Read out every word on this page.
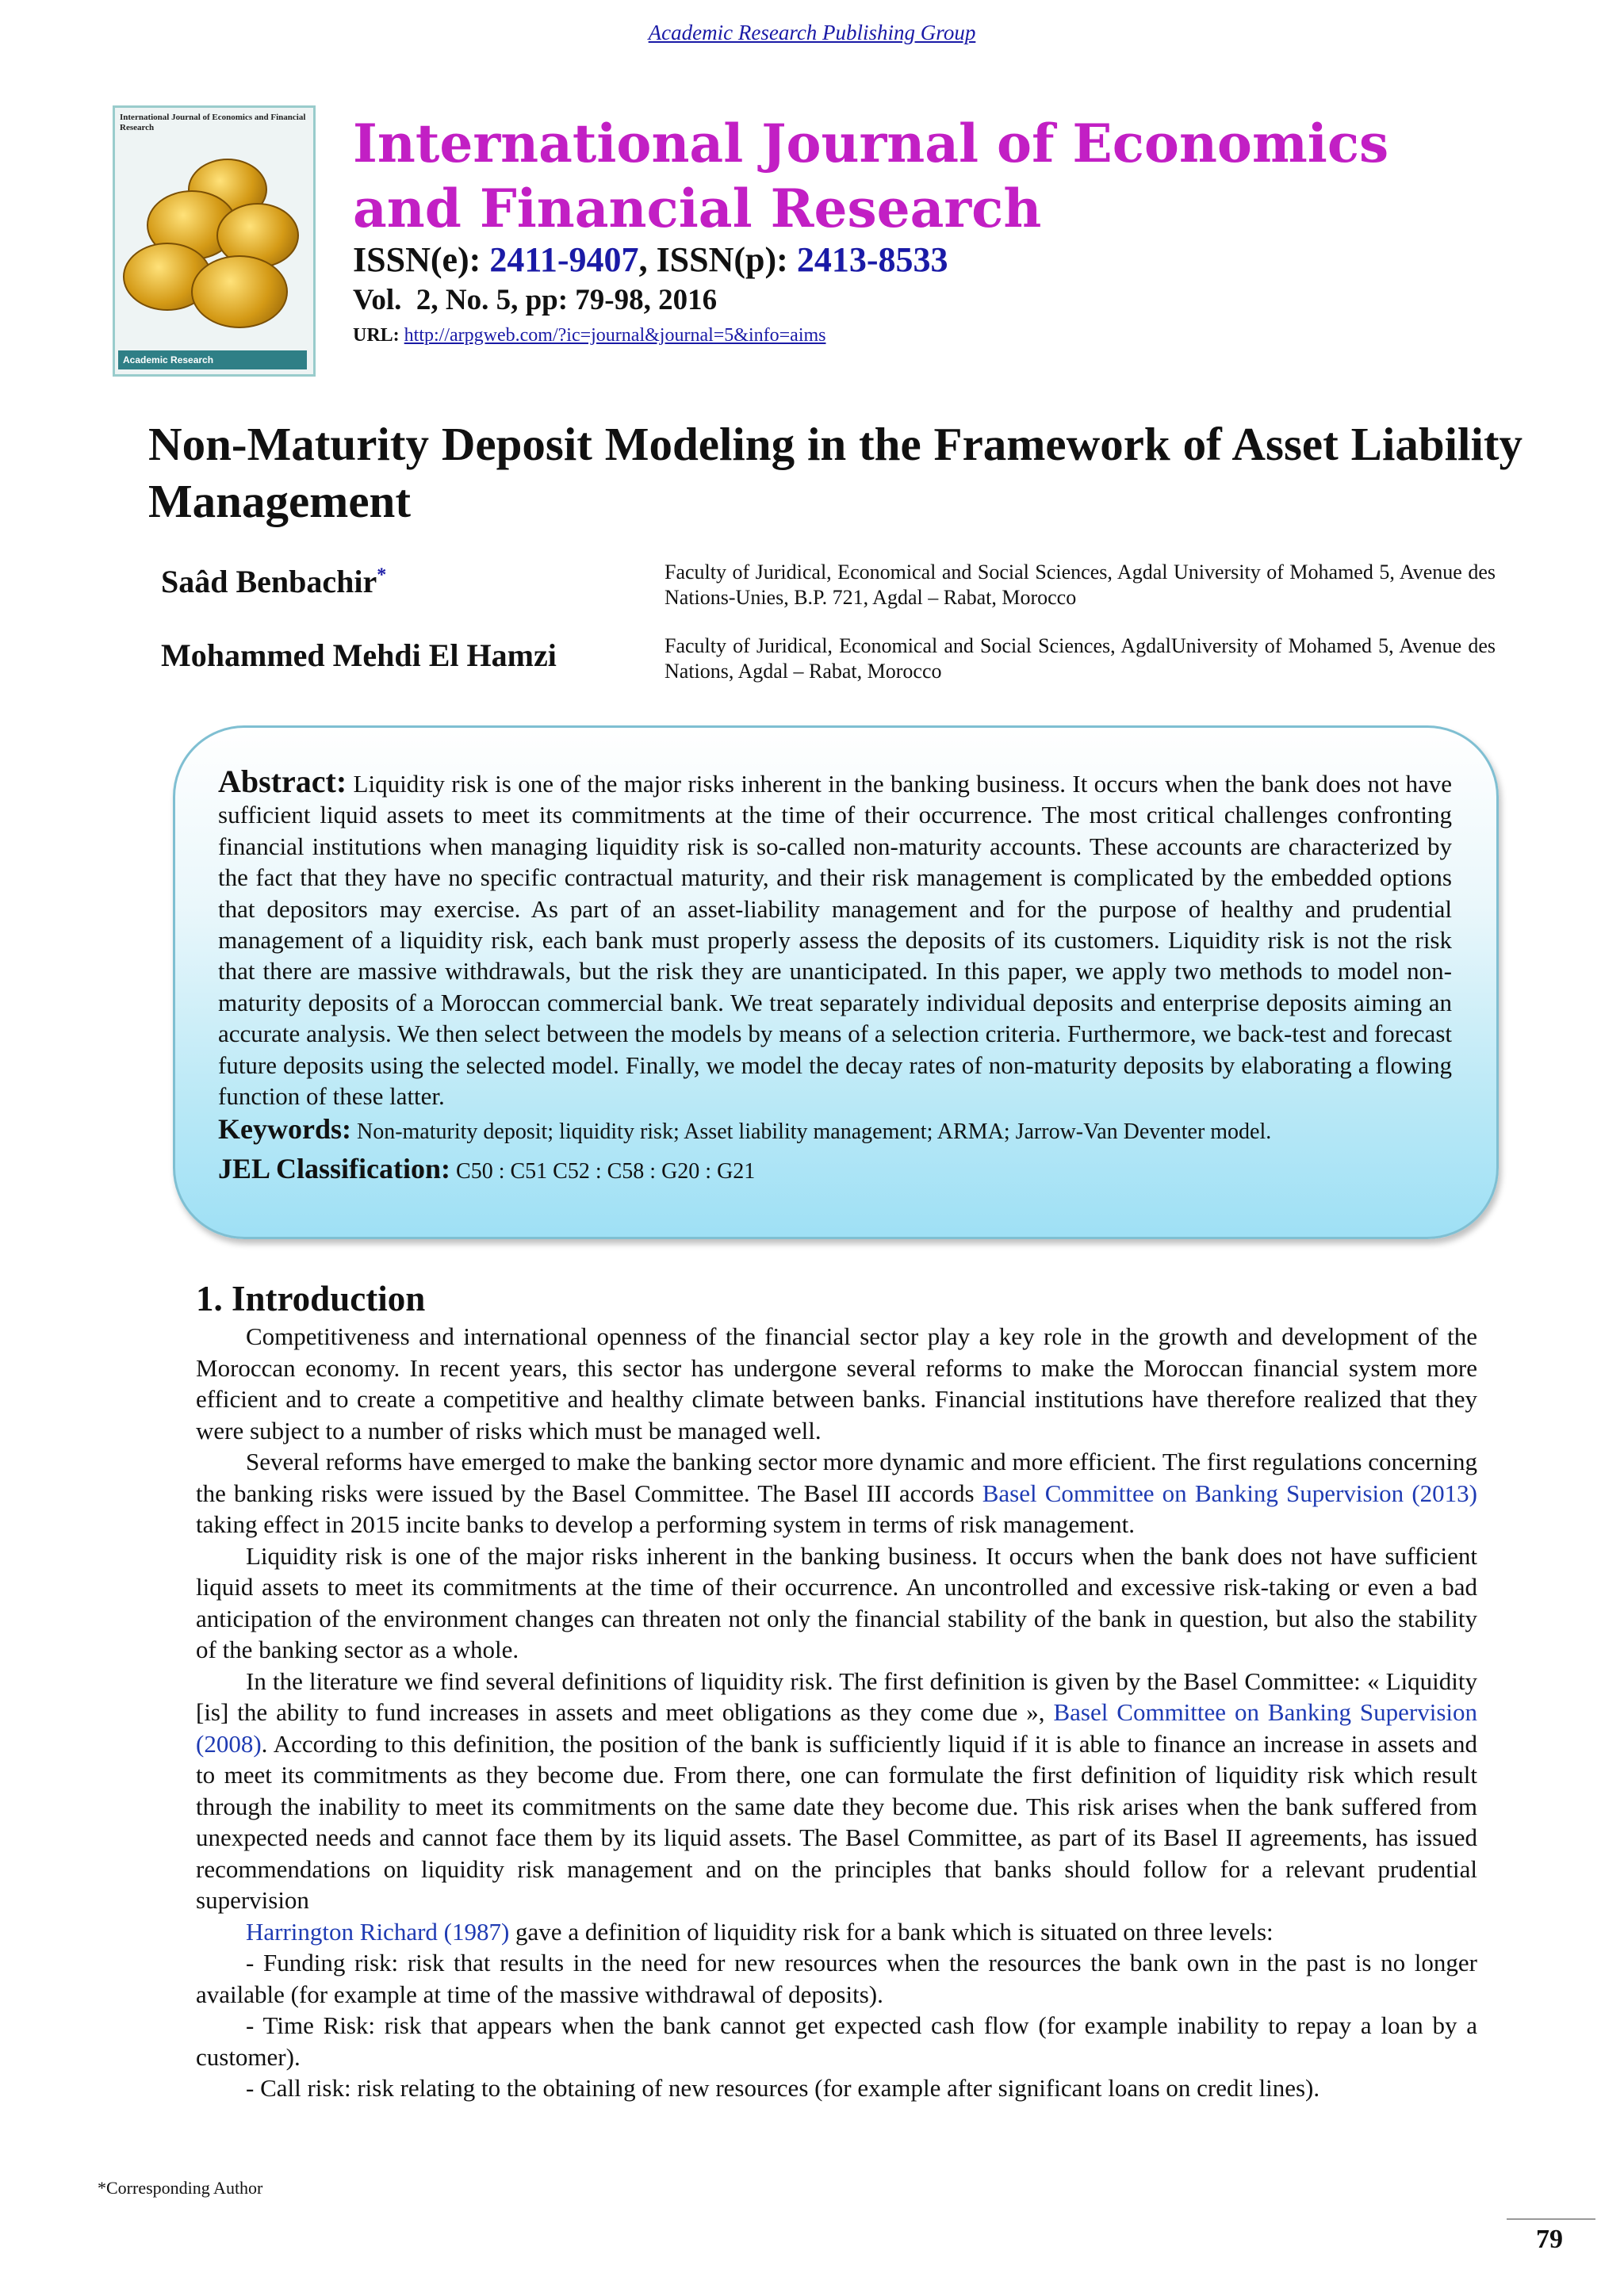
Academic Research Publishing Group
International Journal of Economics and Financial Research
Academic Research
International Journal of Economics
and Financial Research
ISSN(e): 2411-9407, ISSN(p): 2413-8533
Vol.  2, No. 5, pp: 79-98, 2016
URL: http://arpgweb.com/?ic=journal&journal=5&info=aims
Non-Maturity Deposit Modeling in the Framework of Asset Liability Management
Saâd Benbachir*	Faculty of Juridical, Economical and Social Sciences, Agdal University of Mohamed 5, Avenue des Nations-Unies, B.P. 721, Agdal – Rabat, Morocco
Mohammed Mehdi El Hamzi	Faculty of Juridical, Economical and Social Sciences, AgdalUniversity of Mohamed 5, Avenue des Nations, Agdal – Rabat, Morocco
Abstract: Liquidity risk is one of the major risks inherent in the banking business. It occurs when the bank does not have sufficient liquid assets to meet its commitments at the time of their occurrence. The most critical challenges confronting financial institutions when managing liquidity risk is so-called non-maturity accounts. These accounts are characterized by the fact that they have no specific contractual maturity, and their risk management is complicated by the embedded options that depositors may exercise. As part of an asset-liability management and for the purpose of healthy and prudential management of a liquidity risk, each bank must properly assess the deposits of its customers. Liquidity risk is not the risk that there are massive withdrawals, but the risk they are unanticipated. In this paper, we apply two methods to model non-maturity deposits of a Moroccan commercial bank. We treat separately individual deposits and enterprise deposits aiming an accurate analysis. We then select between the models by means of a selection criteria. Furthermore, we back-test and forecast future deposits using the selected model. Finally, we model the decay rates of non-maturity deposits by elaborating a flowing function of these latter.
Keywords: Non-maturity deposit; liquidity risk; Asset liability management; ARMA; Jarrow-Van Deventer model.
JEL Classification: C50 : C51 C52 : C58 : G20 : G21
1. Introduction

Competitiveness and international openness of the financial sector play a key role in the growth and development of the Moroccan economy. In recent years, this sector has undergone several reforms to make the Moroccan financial system more efficient and to create a competitive and healthy climate between banks. Financial institutions have therefore realized that they were subject to a number of risks which must be managed well.

Several reforms have emerged to make the banking sector more dynamic and more efficient. The first regulations concerning the banking risks were issued by the Basel Committee. The Basel III accords Basel Committee on Banking Supervision (2013) taking effect in 2015 incite banks to develop a performing system in terms of risk management.

Liquidity risk is one of the major risks inherent in the banking business. It occurs when the bank does not have sufficient liquid assets to meet its commitments at the time of their occurrence. An uncontrolled and excessive risk-taking or even a bad anticipation of the environment changes can threaten not only the financial stability of the bank in question, but also the stability of the banking sector as a whole.

In the literature we find several definitions of liquidity risk. The first definition is given by the Basel Committee: « Liquidity [is] the ability to fund increases in assets and meet obligations as they come due », Basel Committee on Banking Supervision (2008). According to this definition, the position of the bank is sufficiently liquid if it is able to finance an increase in assets and to meet its commitments as they become due. From there, one can formulate the first definition of liquidity risk which result through the inability to meet its commitments on the same date they become due. This risk arises when the bank suffered from unexpected needs and cannot face them by its liquid assets. The Basel Committee, as part of its Basel II agreements, has issued recommendations on liquidity risk management and on the principles that banks should follow for a relevant prudential supervision

Harrington Richard (1987) gave a definition of liquidity risk for a bank which is situated on three levels:

- Funding risk: risk that results in the need for new resources when the resources the bank own in the past is no longer available (for example at time of the massive withdrawal of deposits).

- Time Risk: risk that appears when the bank cannot get expected cash flow (for example inability to repay a loan by a customer).

- Call risk: risk relating to the obtaining of new resources (for example after significant loans on credit lines).

*Corresponding Author
79
